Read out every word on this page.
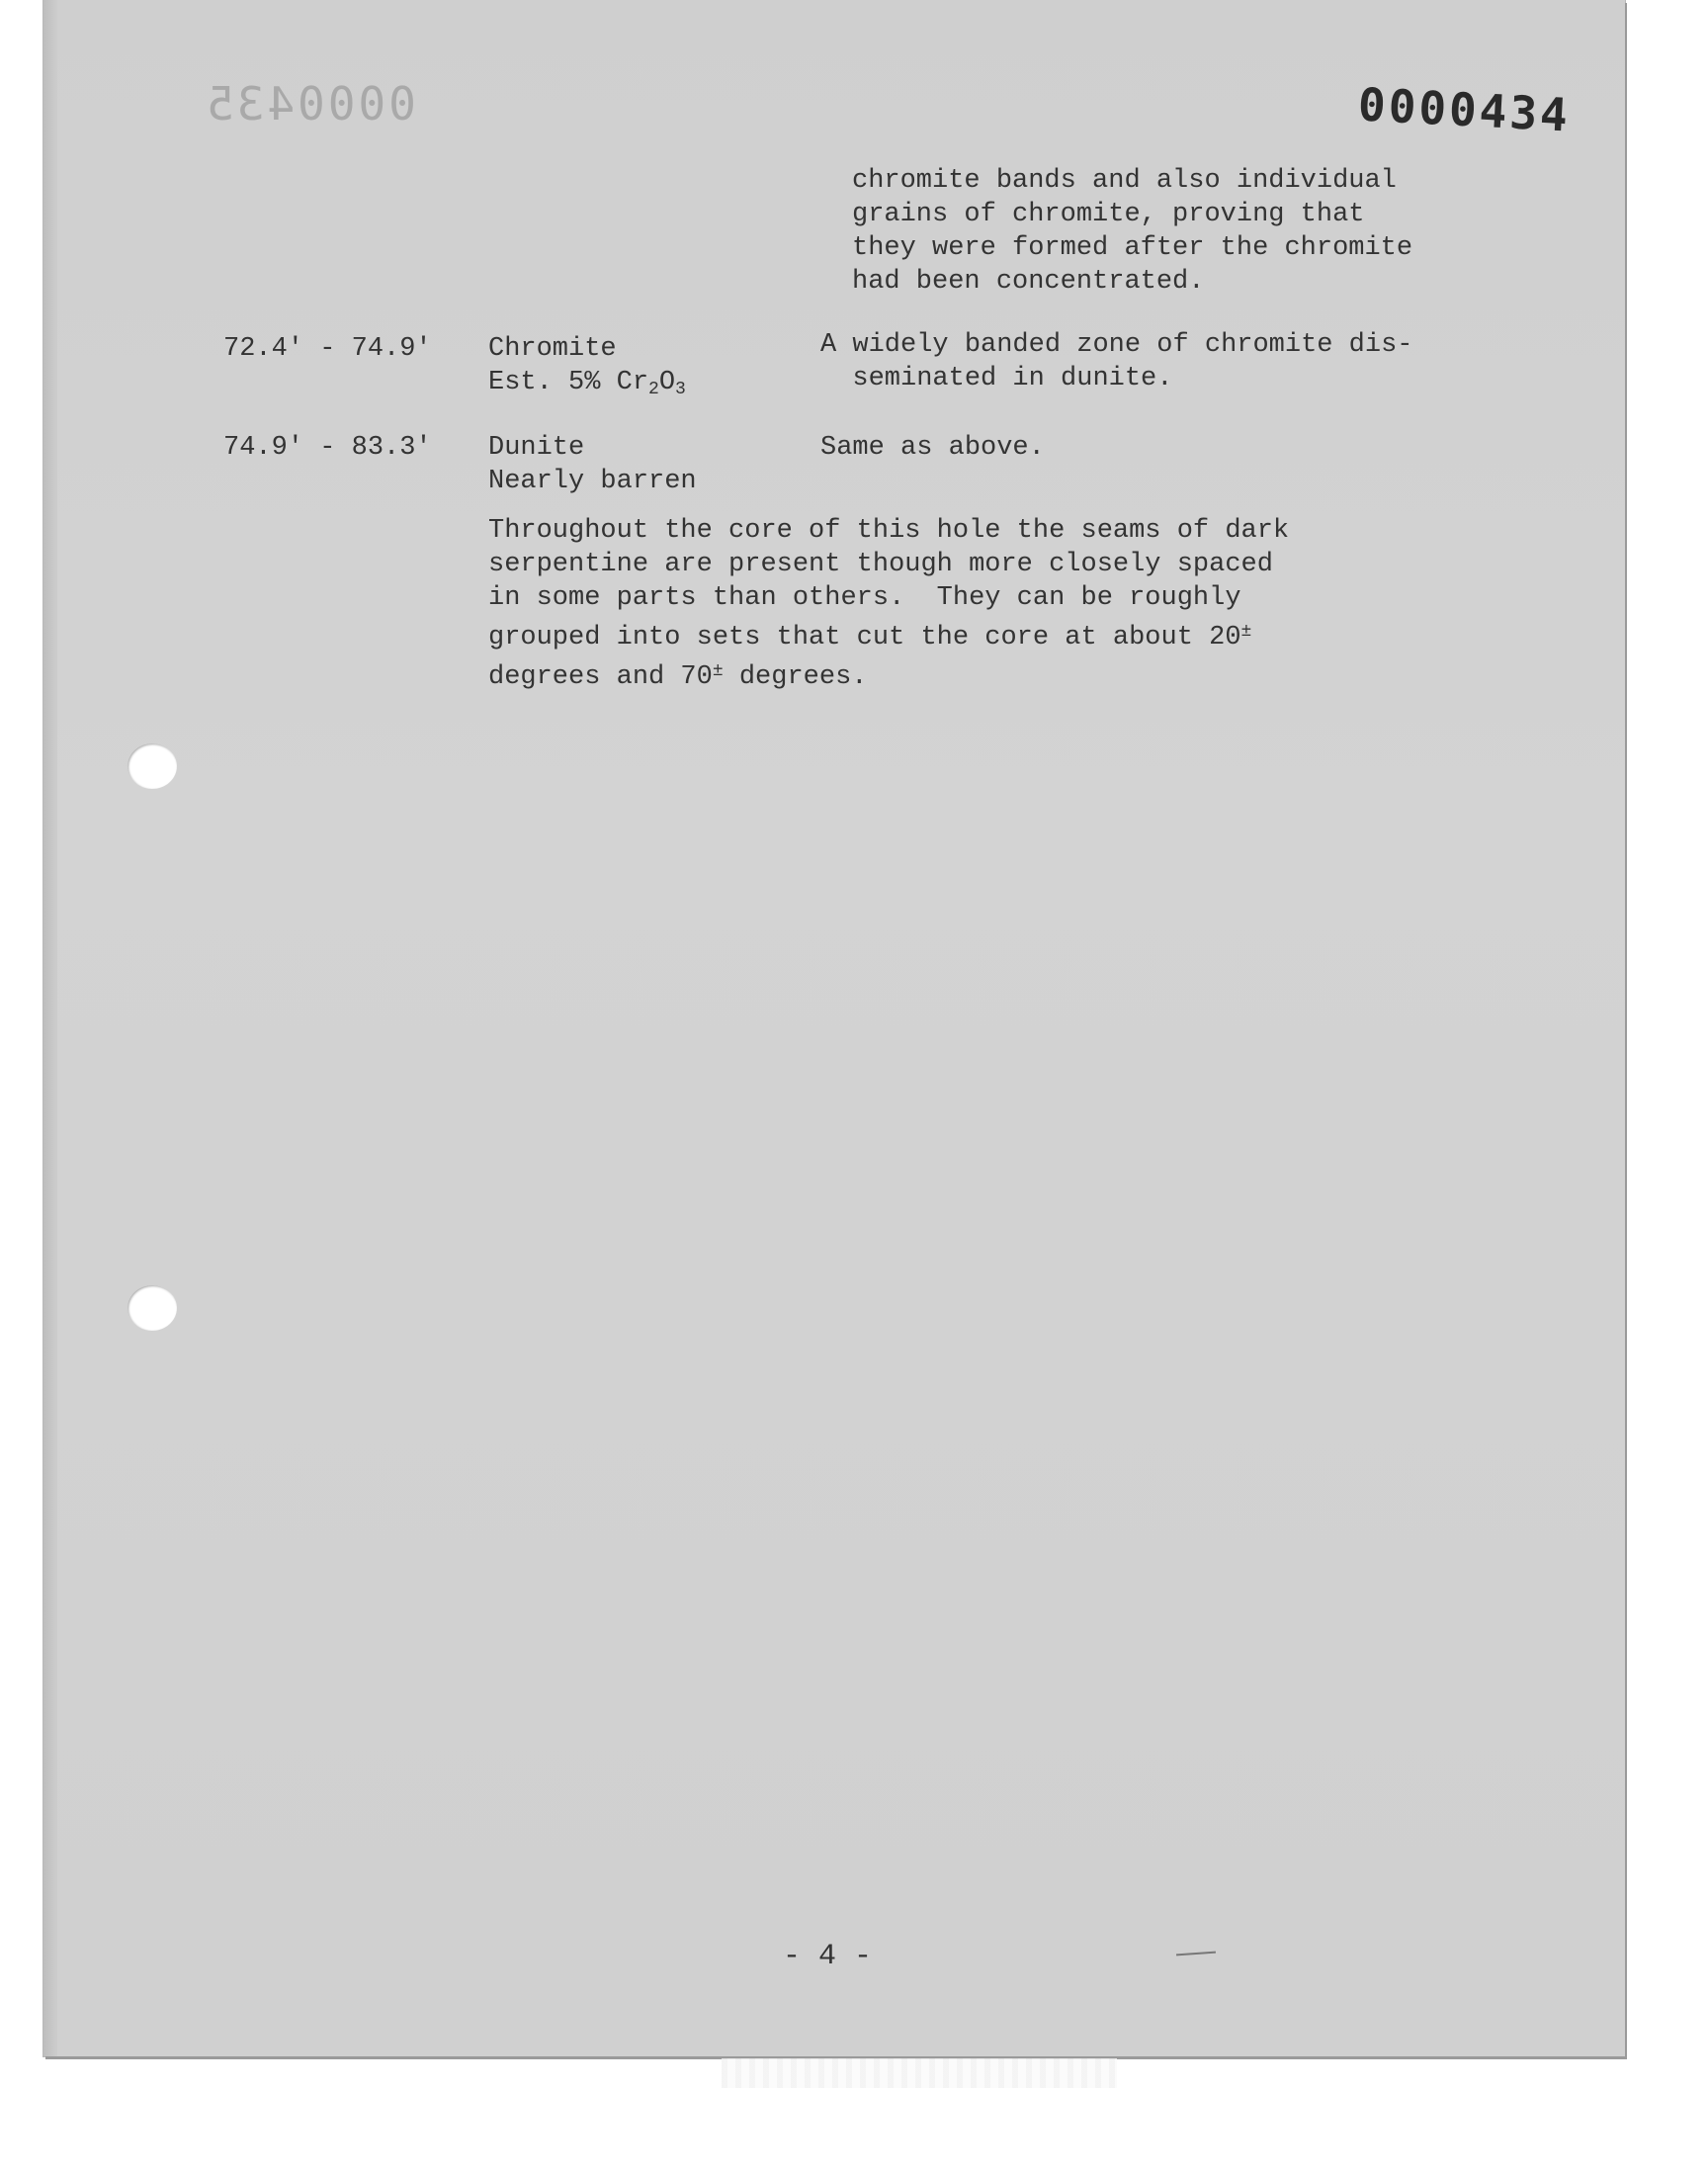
0000435	0000434
chromite bands and also individual
grains of chromite, proving that
they were formed after the chromite
had been concentrated.
72.4' - 74.9' Chromite
Est. 5% $Cr_2O_3$
A widely banded zone of chromite dis-
seminated in dunite.
74.9' - 83.3' Dunite
Nearly barren
Same as above.
Throughout the core of this hole the seams of dark
serpentine are present though more closely spaced
in some parts than others.  They can be roughly
grouped into sets that cut the core at about 20±
degrees and 70± degrees.
- 4 -
